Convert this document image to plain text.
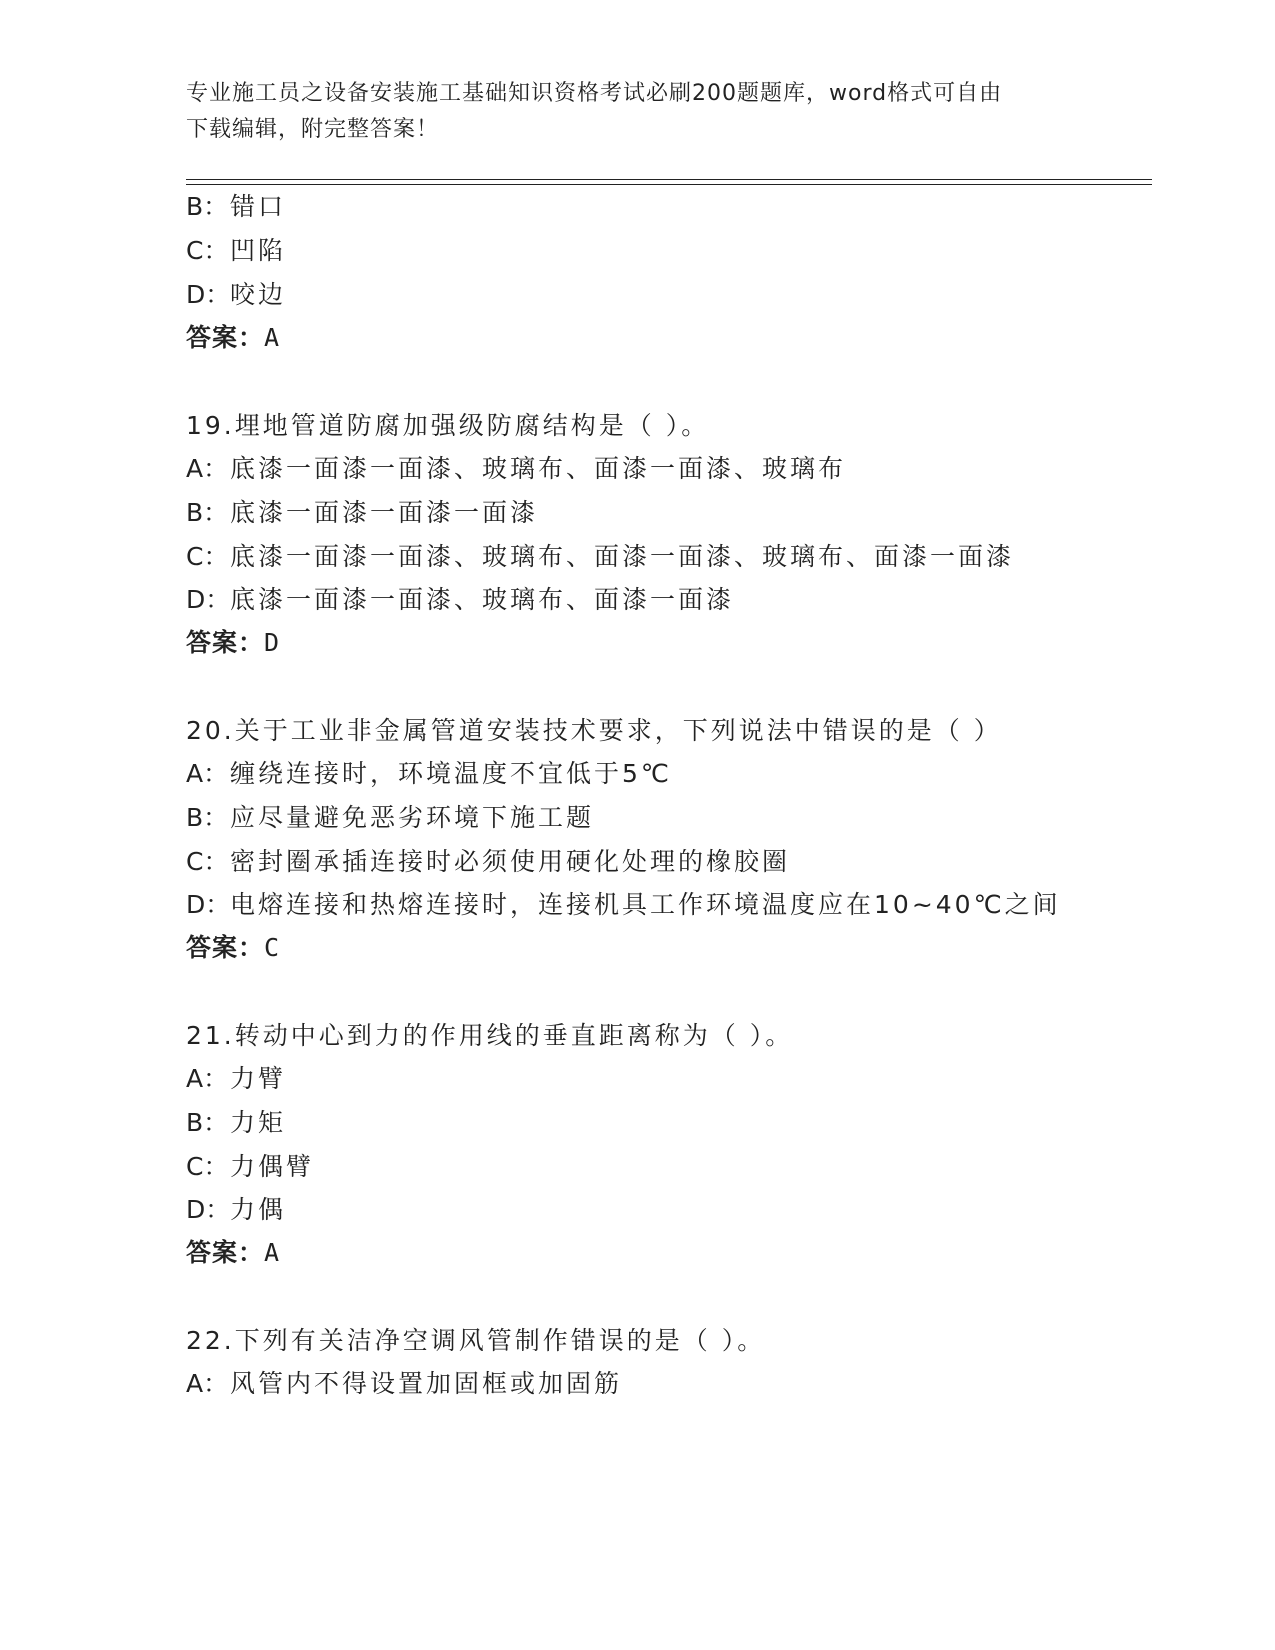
专业施工员之设备安装施工基础知识资格考试必刷200题题库，word格式可自由
下载编辑，附完整答案！
B：错口
C：凹陷
D：咬边
答案：A
19.埋地管道防腐加强级防腐结构是（ ）。
A：底漆一面漆一面漆、玻璃布、面漆一面漆、玻璃布
B：底漆一面漆一面漆一面漆
C：底漆一面漆一面漆、玻璃布、面漆一面漆、玻璃布、面漆一面漆
D：底漆一面漆一面漆、玻璃布、面漆一面漆
答案：D
20.关于工业非金属管道安装技术要求，下列说法中错误的是（ ）
A：缠绕连接时，环境温度不宜低于5℃
B：应尽量避免恶劣环境下施工题
C：密封圈承插连接时必须使用硬化处理的橡胶圈
D：电熔连接和热熔连接时，连接机具工作环境温度应在10~40℃之间
答案：C
21.转动中心到力的作用线的垂直距离称为（ ）。
A：力臂
B：力矩
C：力偶臂
D：力偶
答案：A
22.下列有关洁净空调风管制作错误的是（ ）。
A：风管内不得设置加固框或加固筋
